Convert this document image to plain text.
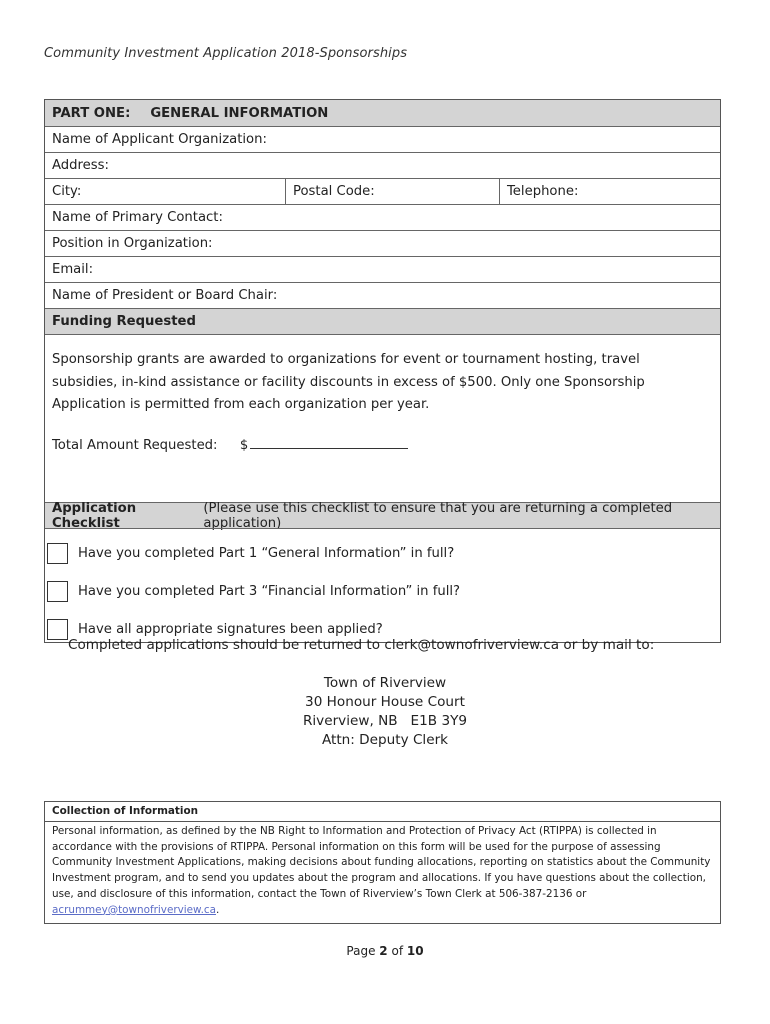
Community Investment Application 2018-Sponsorships
PART ONE: GENERAL INFORMATION
Name of Applicant Organization:
Address:
City:	Postal Code:	Telephone:
Name of Primary Contact:
Position in Organization:
Email:
Name of President or Board Chair:
Funding Requested

Sponsorship grants are awarded to organizations for event or tournament hosting, travel subsidies, in-kind assistance or facility discounts in excess of $500. Only one Sponsorship Application is permitted from each organization per year.

Total Amount Requested: $
Application Checklist

(Please use this checklist to ensure that you are returning a completed application)
Have you completed Part 1 “General Information” in full?
Have you completed Part 3 “Financial Information” in full?
Have all appropriate signatures been applied?
Completed applications should be returned to clerk@townofriverview.ca or by mail to:
Town of Riverview
30 Honour House Court
Riverview, NB   E1B 3Y9
Attn: Deputy Clerk
Collection of Information
Personal information, as defined by the NB Right to Information and Protection of Privacy Act (RTIPPA) is collected in accordance with the provisions of RTIPPA. Personal information on this form will be used for the purpose of assessing Community Investment Applications, making decisions about funding allocations, reporting on statistics about the Community Investment program, and to send you updates about the program and allocations. If you have questions about the collection, use, and disclosure of this information, contact the Town of Riverview’s Town Clerk at 506-387-2136 or acrummey@townofriverview.ca.
Page 2 of 10
